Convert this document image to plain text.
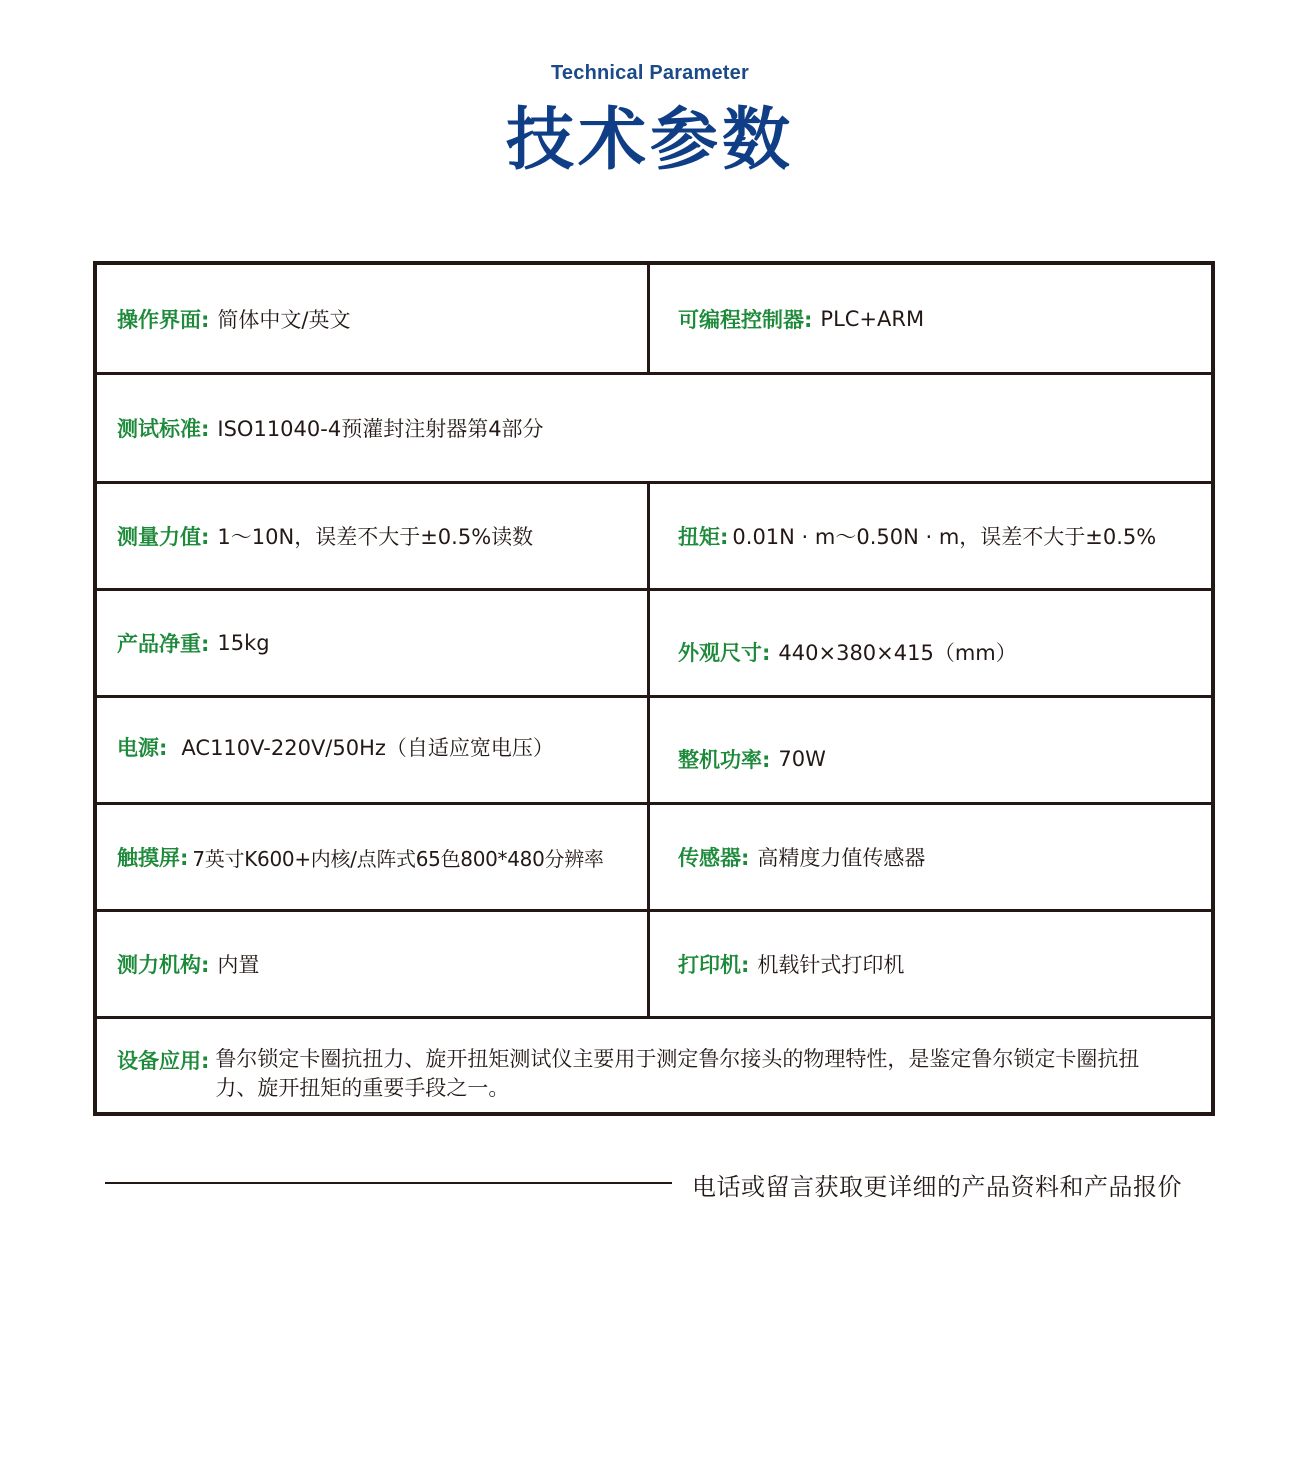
Technical Parameter
技术参数
操作界面: 简体中文/英文	可编程控制器: PLC+ARM
测试标准: ISO11040-4预灌封注射器第4部分
测量力值: 1～10N，误差不大于±0.5%读数	扭矩: 0.01N · m～0.50N · m，误差不大于±0.5%
产品净重: 15kg	外观尺寸: 440×380×415（mm）
电源: AC110V-220V/50Hz（自适应宽电压）	整机功率: 70W
触摸屏: 7英寸K600+内核/点阵式65色800*480分辨率	传感器: 高精度力值传感器
测力机构: 内置	打印机: 机载针式打印机
设备应用: 鲁尔锁定卡圈抗扭力、旋开扭矩测试仪主要用于测定鲁尔接头的物理特性，是鉴定鲁尔锁定卡圈抗扭力、旋开扭矩的重要手段之一。
电话或留言获取更详细的产品资料和产品报价
